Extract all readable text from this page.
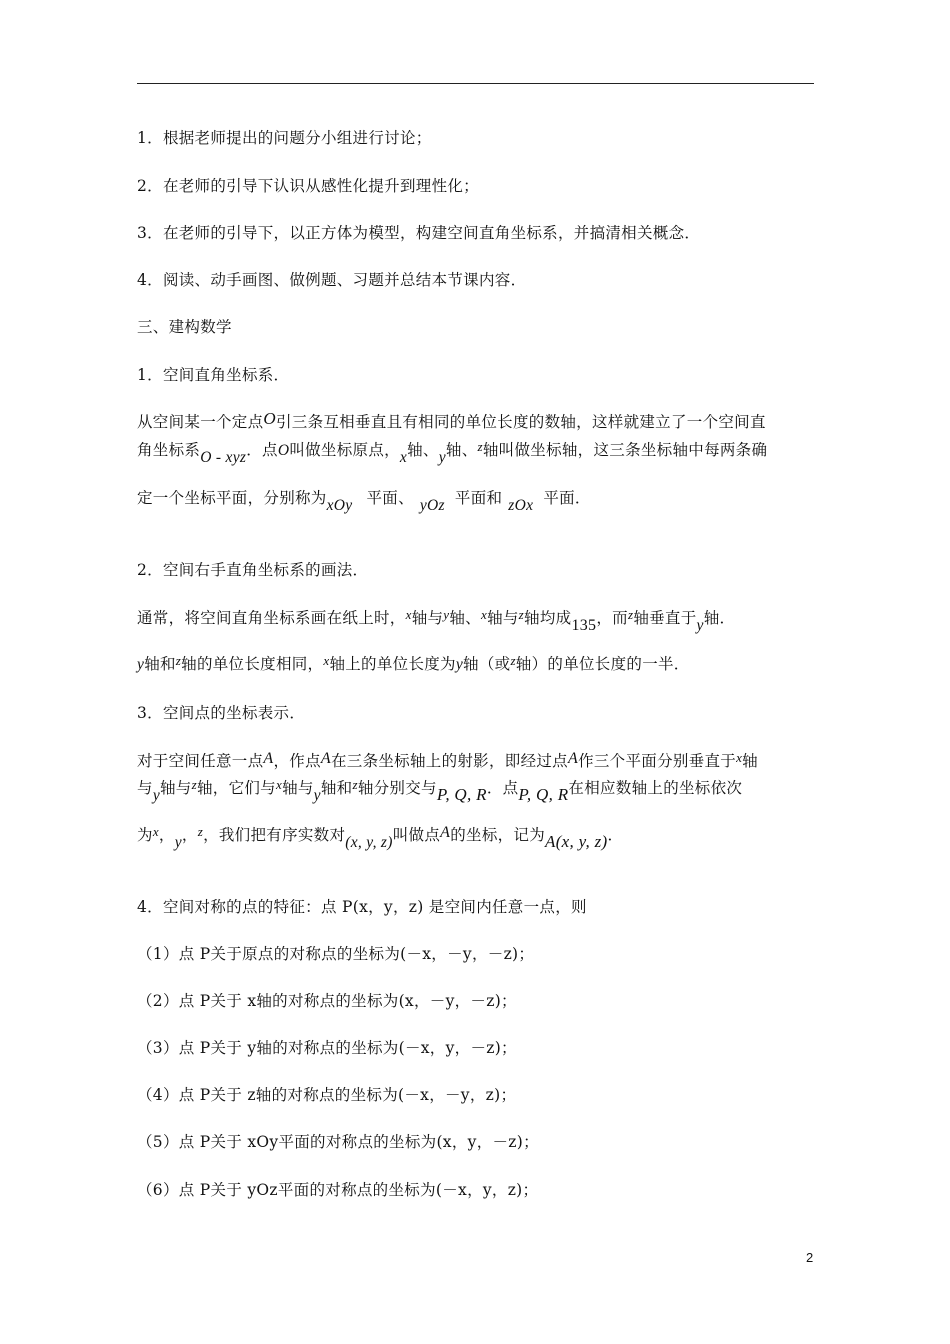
1．根据老师提出的问题分小组进行讨论；
2．在老师的引导下认识从感性化提升到理性化；
3．在老师的引导下，以正方体为模型，构建空间直角坐标系，并搞清相关概念．
4．阅读、动手画图、做例题、习题并总结本节课内容．
三、建构数学
1．空间直角坐标系．
从空间某一个定点O引三条互相垂直且有相同的单位长度的数轴，这样就建立了一个空间直
角坐标系O - xyz．点O叫做坐标原点，x轴、y轴、$^z$轴叫做坐标轴，这三条坐标轴中每两条确
定一个坐标平面，分别称为xOy 平面、 yOz 平面和 zOx 平面．
2．空间右手直角坐标系的画法．
通常，将空间直角坐标系画在纸上时，$^x$轴与$^y$轴、$^x$轴与$^z$轴均成135，而$^z$轴垂直于y轴．
y轴和$^z$轴的单位长度相同，$^x$轴上的单位长度为y轴（或$^z$轴）的单位长度的一半．
3．空间点的坐标表示．
对于空间任意一点A，作点A在三条坐标轴上的射影，即经过点A作三个平面分别垂直于$^x$轴
与y轴与$^z$轴，它们与$^x$轴与y轴和$^z$轴分别交与P, Q, R．点P, Q, R在相应数轴上的坐标依次
为$^x$，y，$^z$，我们把有序实数对(x, y, z)叫做点A的坐标，记为A(x, y, z)．
4．空间对称的点的特征：点 P(x，y，z) 是空间内任意一点，则
（1）点 P关于原点的对称点的坐标为(－x，－y，－z)；
（2）点 P关于 x轴的对称点的坐标为(x，－y，－z)；
（3）点 P关于 y轴的对称点的坐标为(－x，y，－z)；
（4）点 P关于 z轴的对称点的坐标为(－x，－y，z)；
（5）点 P关于 xOy平面的对称点的坐标为(x，y，－z)；
（6）点 P关于 yOz平面的对称点的坐标为(－x，y，z)；
2
